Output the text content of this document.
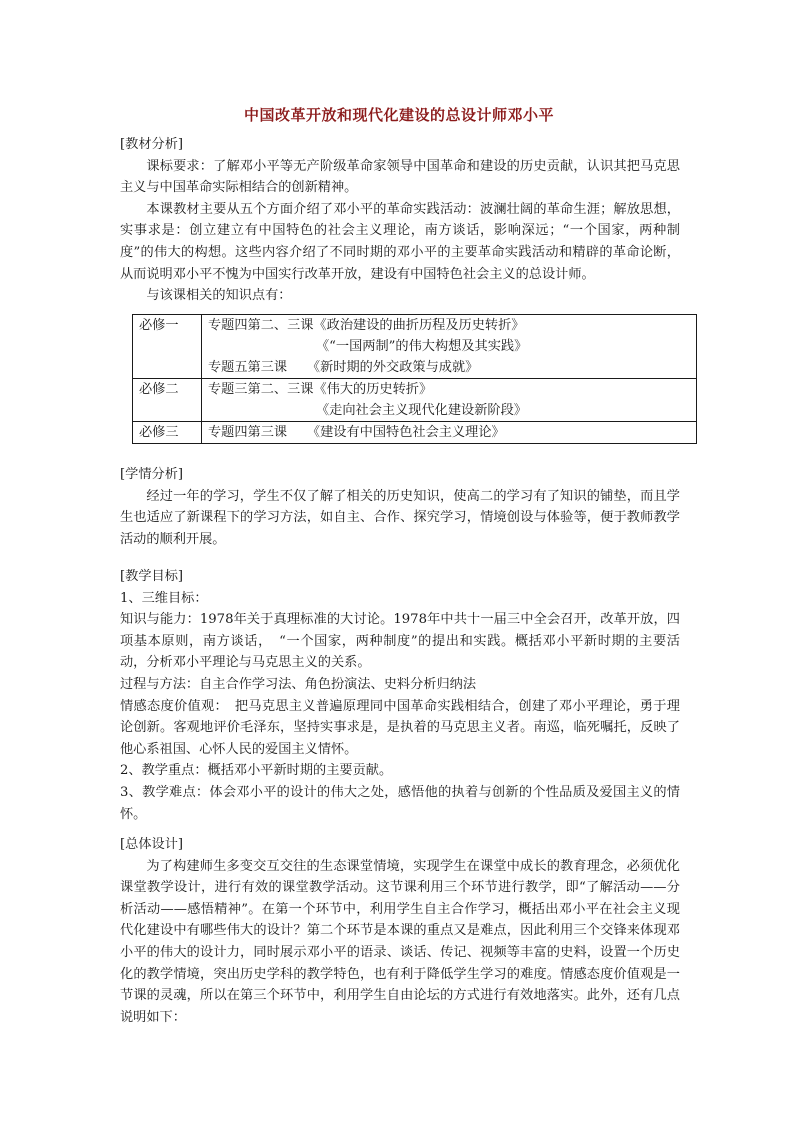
中国改革开放和现代化建设的总设计师邓小平

[教材分析]

课标要求：了解邓小平等无产阶级革命家领导中国革命和建设的历史贡献，认识其把马克思主义与中国革命实际相结合的创新精神。

本课教材主要从五个方面介绍了邓小平的革命实践活动：波澜壮阔的革命生涯；解放思想，实事求是：创立建立有中国特色的社会主义理论，南方谈话，影响深远；“一个国家，两种制度”的伟大的构想。这些内容介绍了不同时期的邓小平的主要革命实践活动和精辟的革命论断，从而说明邓小平不愧为中国实行改革开放，建设有中国特色社会主义的总设计师。

与该课相关的知识点有：

必修一	专题四第二、三课《政治建设的曲折历程及历史转折》
《“一国两制”的伟大构想及其实践》
专题五第三课　　《新时期的外交政策与成就》

必修二	专题三第二、三课《伟大的历史转折》
《走向社会主义现代化建设新阶段》

必修三	专题四第三课　　《建设有中国特色社会主义理论》

[学情分析]

经过一年的学习，学生不仅了解了相关的历史知识，使高二的学习有了知识的铺垫，而且学生也适应了新课程下的学习方法，如自主、合作、探究学习，情境创设与体验等，便于教师教学活动的顺利开展。

[教学目标]

1、三维目标：

知识与能力：1978年关于真理标准的大讨论。1978年中共十一届三中全会召开，改革开放，四项基本原则，南方谈话，　“一个国家，两种制度”的提出和实践。概括邓小平新时期的主要活动，分析邓小平理论与马克思主义的关系。

过程与方法：自主合作学习法、角色扮演法、史料分析归纳法

情感态度价值观：　把马克思主义普遍原理同中国革命实践相结合，创建了邓小平理论，勇于理论创新。客观地评价毛泽东，坚持实事求是，是执着的马克思主义者。南巡，临死嘱托，反映了他心系祖国、心怀人民的爱国主义情怀。

2、教学重点：概括邓小平新时期的主要贡献。

3、教学难点：体会邓小平的设计的伟大之处，感悟他的执着与创新的个性品质及爱国主义的情怀。

[总体设计]

为了构建师生多变交互交往的生态课堂情境，实现学生在课堂中成长的教育理念，必须优化课堂教学设计，进行有效的课堂教学活动。这节课利用三个环节进行教学，即“了解活动——分析活动——感悟精神”。在第一个环节中，利用学生自主合作学习，概括出邓小平在社会主义现代化建设中有哪些伟大的设计？第二个环节是本课的重点又是难点，因此利用三个交锋来体现邓小平的伟大的设计力，同时展示邓小平的语录、谈话、传记、视频等丰富的史料，设置一个历史化的教学情境，突出历史学科的教学特色，也有利于降低学生学习的难度。情感态度价值观是一节课的灵魂，所以在第三个环节中，利用学生自由论坛的方式进行有效地落实。此外，还有几点说明如下：
